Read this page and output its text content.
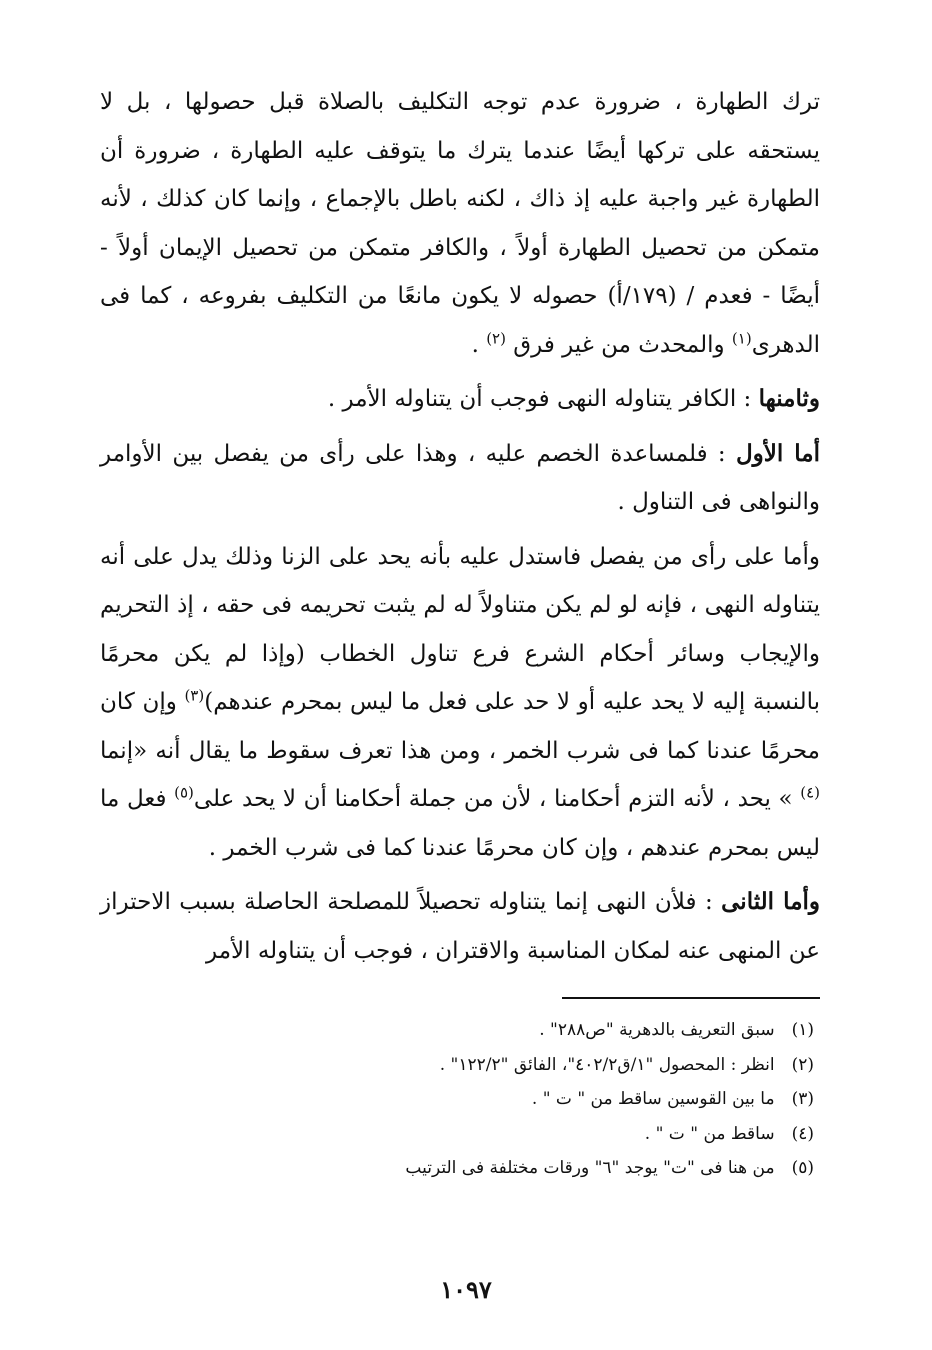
ترك الطهارة ، ضرورة عدم توجه التكليف بالصلاة قبل حصولها ، بل لا يستحقه على تركها أيضًا عندما يترك ما يتوقف عليه الطهارة ، ضرورة أن الطهارة غير واجبة عليه إذ ذاك ، لكنه باطل بالإجماع ، وإنما كان كذلك ، لأنه متمكن من تحصيل الطهارة أولاً ، والكافر متمكن من تحصيل الإيمان أولاً - أيضًا - فعدم / (١٧٩/أ) حصوله لا يكون مانعًا من التكليف بفروعه ، كما فى الدهرى$^{(١)}$ والمحدث من غير فرق $^{(٢)}$ .

وثامنها : الكافر يتناوله النهى فوجب أن يتناوله الأمر .

أما الأول : فلمساعدة الخصم عليه ، وهذا على رأى من يفصل بين الأوامر والنواهى فى التناول .

وأما على رأى من يفصل فاستدل عليه بأنه يحد على الزنا وذلك يدل على أنه يتناوله النهى ، فإنه لو لم يكن متناولاً له لم يثبت تحريمه فى حقه ، إذ التحريم والإيجاب وسائر أحكام الشرع فرع تناول الخطاب (وإذا لم يكن محرمًا بالنسبة إليه لا يحد عليه أو لا حد على فعل ما ليس بمحرم عندهم)$^{(٣)}$ وإن كان محرمًا عندنا كما فى شرب الخمر ، ومن هذا تعرف سقوط ما يقال أنه «إنما $^{(٤)}$ » يحد ، لأنه التزم أحكامنا ، لأن من جملة أحكامنا أن لا يحد على$^{(٥)}$ فعل ما ليس بمحرم عندهم ، وإن كان محرمًا عندنا كما فى شرب الخمر .

وأما الثانى : فلأن النهى إنما يتناوله تحصيلاً للمصلحة الحاصلة بسبب الاحتراز عن المنهى عنه لمكان المناسبة والاقتران ، فوجب أن يتناوله الأمر

(١) سبق التعريف بالدهرية "ص٢٨٨" .
(٢) انظر : المحصول "١/ق٤٠٢/٢"، الفائق "١٢٢/٢" .
(٣) ما بين القوسين ساقط من " ت " .
(٤) ساقط من " ت " .
(٥) من هنا فى "ت" يوجد "٦" ورقات مختلفة فى الترتيب
١٠٩٧
